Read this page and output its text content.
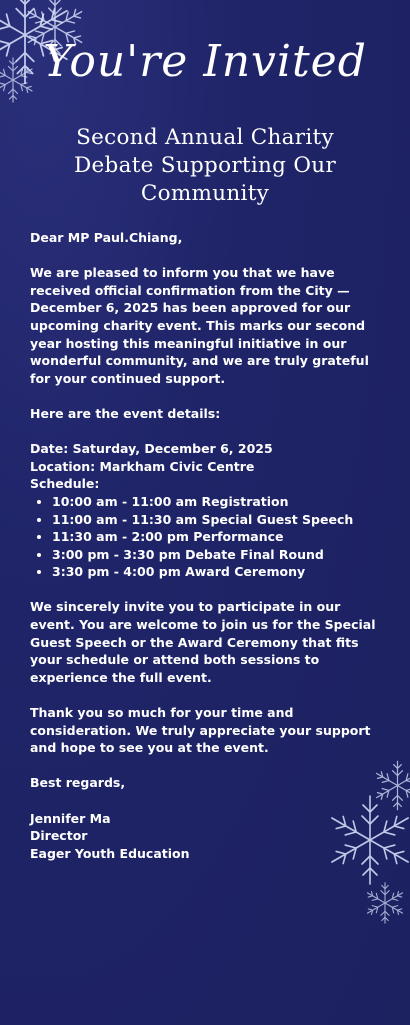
You're Invited
Second Annual Charity Debate Supporting Our Community

Dear MP Paul.Chiang,

We are pleased to inform you that we have received official confirmation from the City — December 6, 2025 has been approved for our upcoming charity event. This marks our second year hosting this meaningful initiative in our wonderful community, and we are truly grateful for your continued support.

Here are the event details:

Date: Saturday, December 6, 2025

Location: Markham Civic Centre

Schedule:

• 10:00 am - 11:00 am Registration
• 11:00 am - 11:30 am Special Guest Speech
• 11:30 am - 2:00 pm Performance
• 3:00 pm - 3:30 pm Debate Final Round
• 3:30 pm - 4:00 pm Award Ceremony

We sincerely invite you to participate in our event. You are welcome to join us for the Special Guest Speech or the Award Ceremony that fits your schedule or attend both sessions to experience the full event.

Thank you so much for your time and consideration. We truly appreciate your support and hope to see you at the event.

Best regards,

Jennifer Ma

Director

Eager Youth Education
